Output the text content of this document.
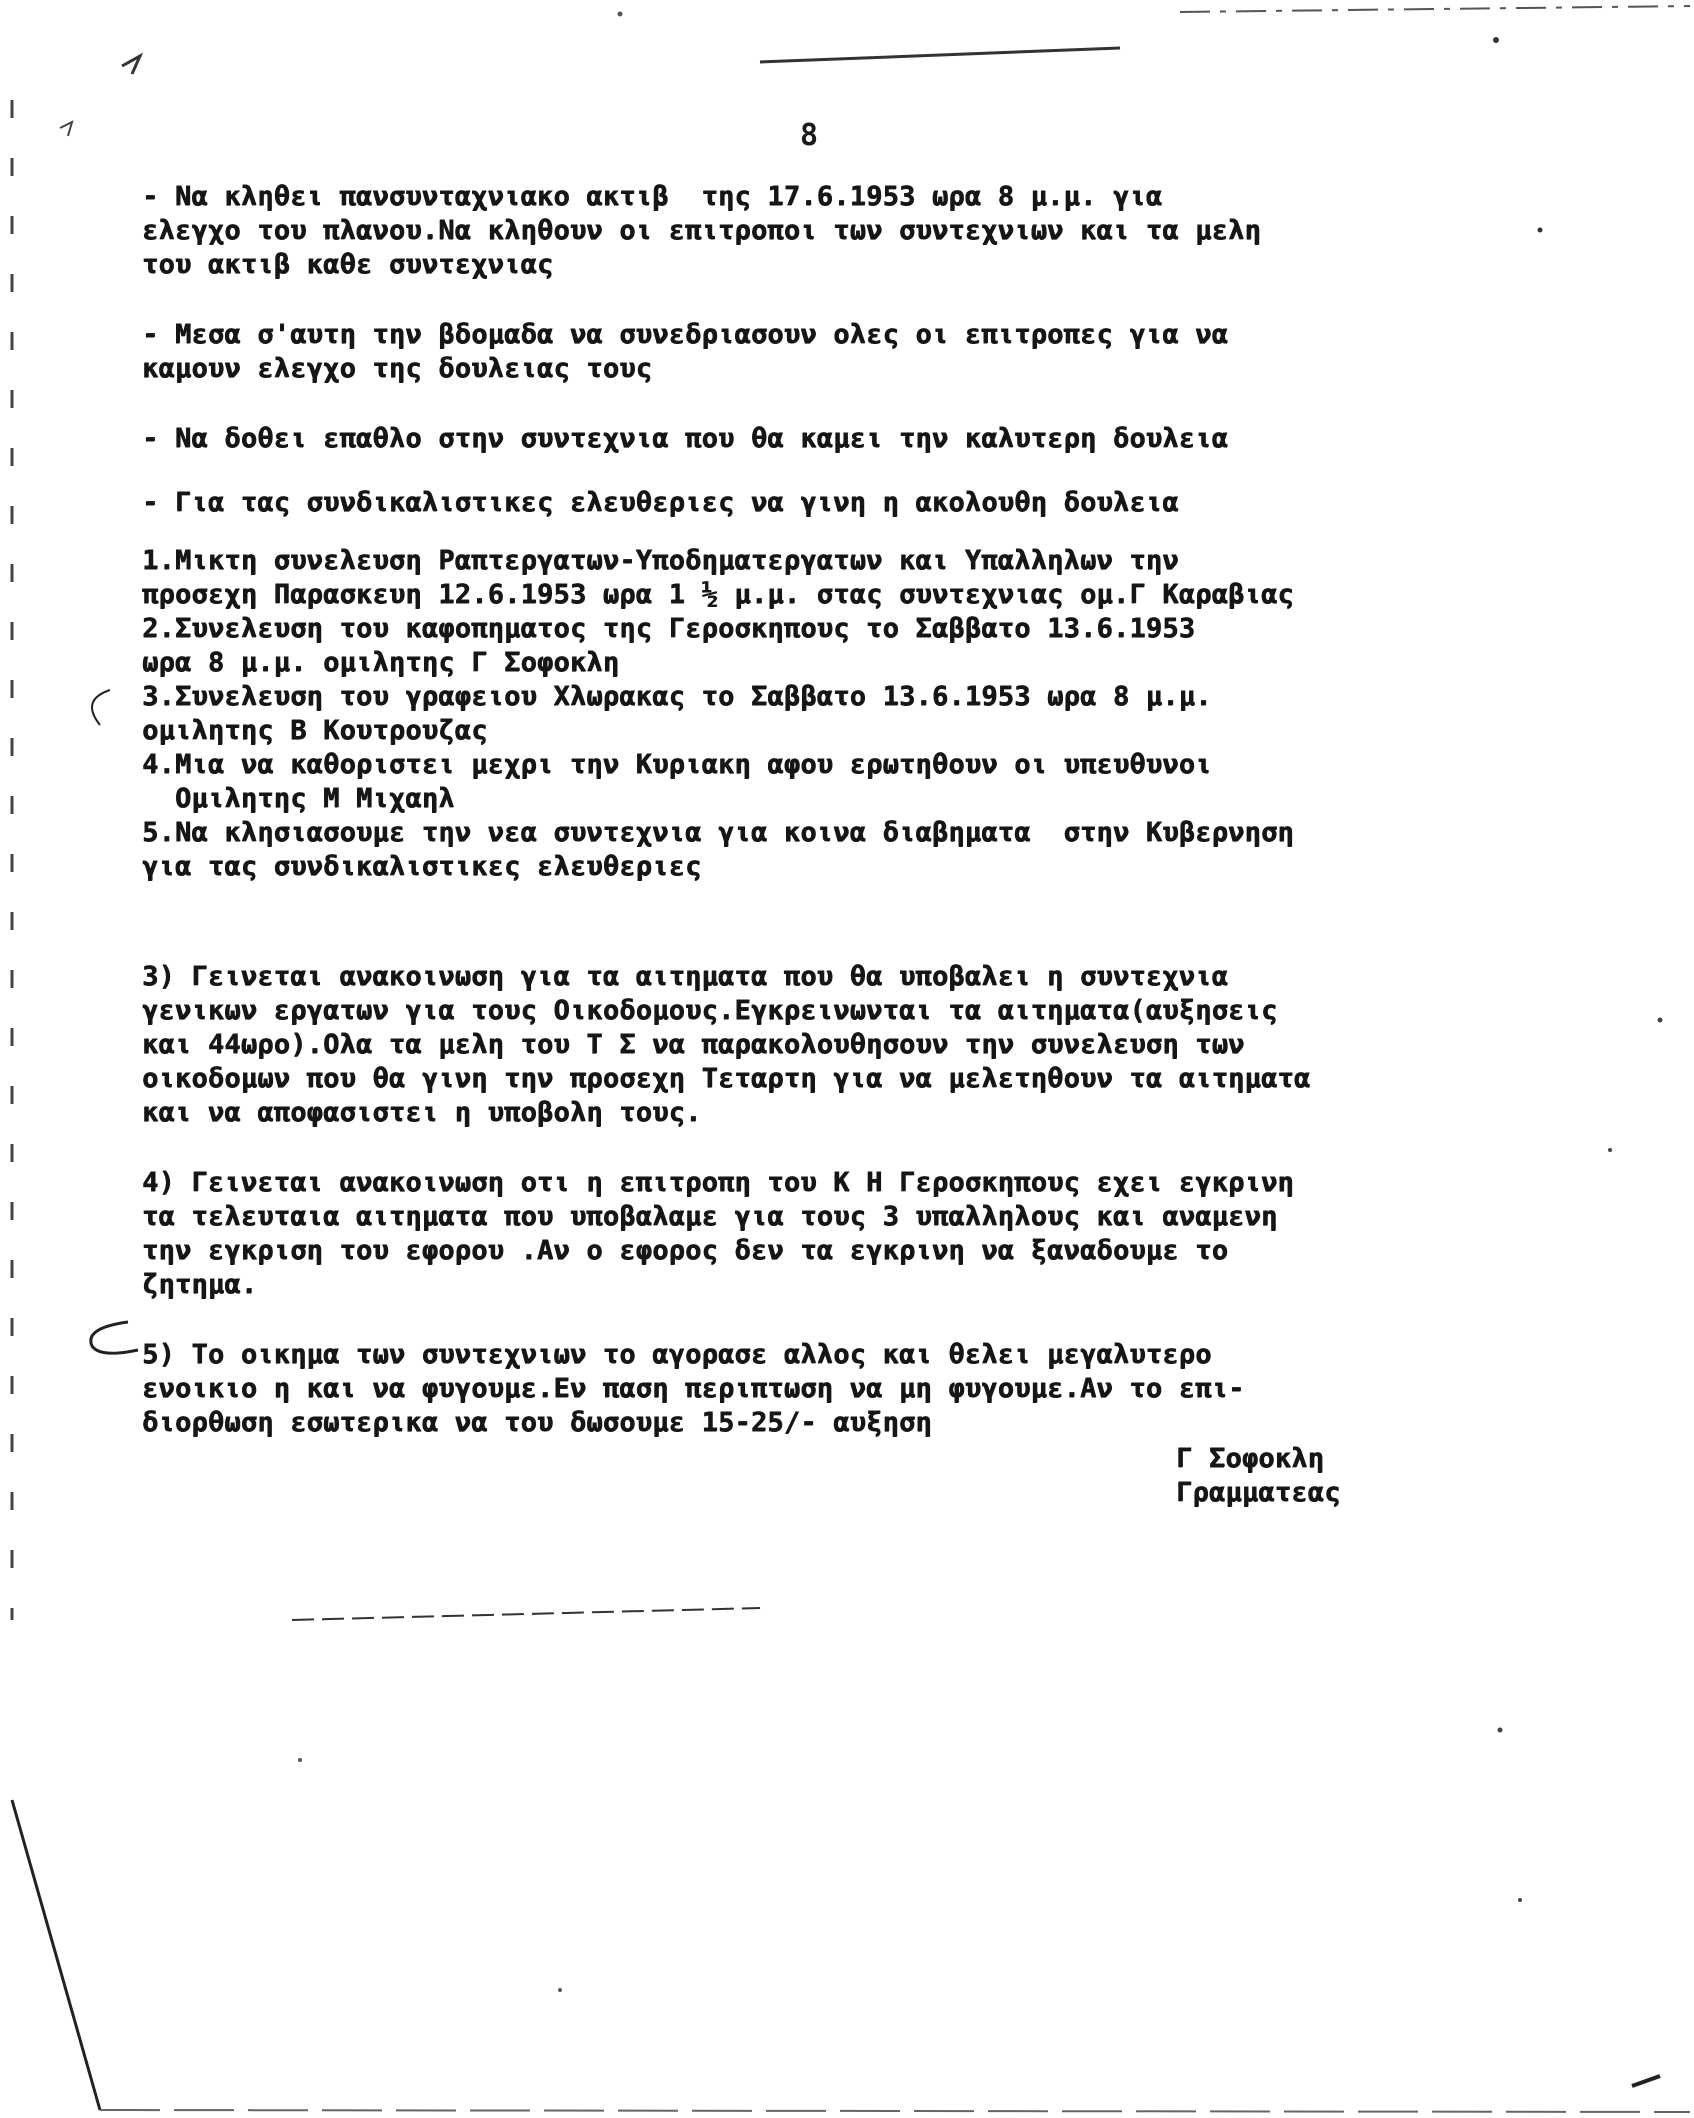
8
- Να κληθει πανσυνταχνιακο ακτιβ  της 17.6.1953 ωρα 8 μ.μ. για
ελεγχο του πλανου.Να κληθουν οι επιτροποι των συντεχνιων και τα μελη
του ακτιβ καθε συντεχνιας
- Μεσα σ'αυτη την βδομαδα να συνεδριασουν ολες οι επιτροπες για να
καμουν ελεγχο της δουλειας τους
- Να δοθει επαθλο στην συντεχνια που θα καμει την καλυτερη δουλεια
- Για τας συνδικαλιστικες ελευθεριες να γινη η ακολουθη δουλεια
1.Μικτη συνελευση Ραπτεργατων-Υποδηματεργατων και Υπαλληλων την
προσεχη Παρασκευη 12.6.1953 ωρα 1 ½ μ.μ. στας συντεχνιας ομ.Γ Καραβιας
2.Συνελευση του καφοπηματος της Γεροσκηπους το Σαββατο 13.6.1953
ωρα 8 μ.μ. ομιλητης Γ Σοφοκλη
3.Συνελευση του γραφειου Χλωρακας το Σαββατο 13.6.1953 ωρα 8 μ.μ.
ομιλητης Β Κουτρουζας
4.Μια να καθοριστει μεχρι την Κυριακη αφου ερωτηθουν οι υπευθυνοι
Ομιλητης Μ Μιχαηλ
5.Να κλησιασουμε την νεα συντεχνια για κοινα διαβηματα  στην Κυβερνηση
για τας συνδικαλιστικες ελευθεριες
3) Γεινεται ανακοινωση για τα αιτηματα που θα υποβαλει η συντεχνια
γενικων εργατων για τους Οικοδομους.Εγκρεινωνται τα αιτηματα(αυξησεις
και 44ωρο).Ολα τα μελη του Τ Σ να παρακολουθησουν την συνελευση των
οικοδομων που θα γινη την προσεχη Τεταρτη για να μελετηθουν τα αιτηματα
και να αποφασιστει η υποβολη τους.
4) Γεινεται ανακοινωση οτι η επιτροπη του Κ Η Γεροσκηπους εχει εγκρινη
τα τελευταια αιτηματα που υποβαλαμε για τους 3 υπαλληλους και αναμενη
την εγκριση του εφορου .Αν ο εφορος δεν τα εγκρινη να ξαναδουμε το
ζητημα.
5) Το οικημα των συντεχνιων το αγορασε αλλος και θελει μεγαλυτερο
ενοικιο η και να φυγουμε.Εν παση περιπτωση να μη φυγουμε.Αν το επι-
διορθωση εσωτερικα να του δωσουμε 15-25/- αυξηση
Γ Σοφοκλη
Γραμματεας
